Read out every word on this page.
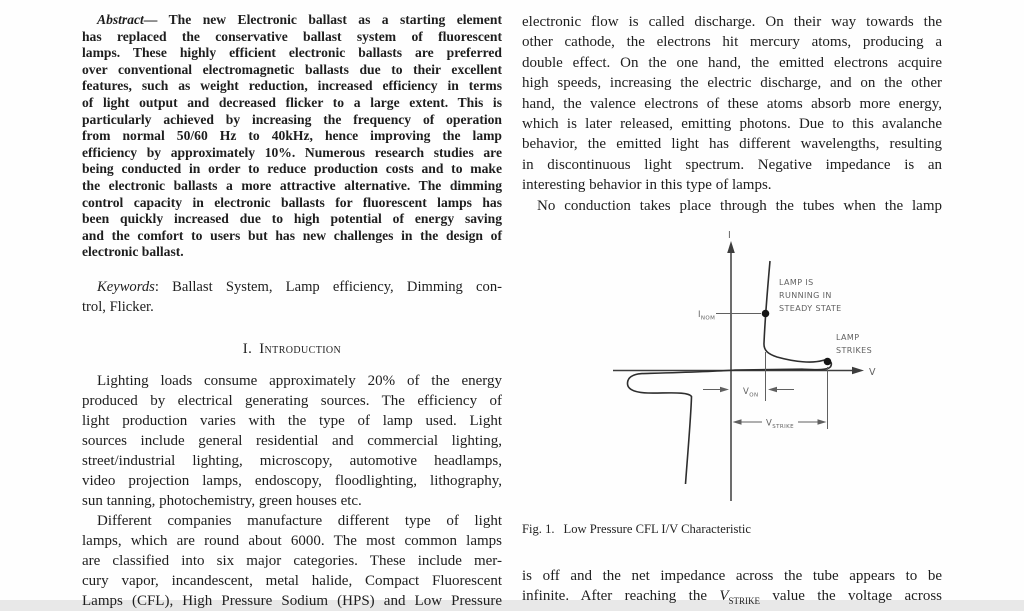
Abstract— The new Electronic ballast as a starting element
has replaced the conservative ballast system of fluorescent
lamps. These highly efficient electronic ballasts are preferred
over conventional electromagnetic ballasts due to their excellent
features, such as weight reduction, increased efficiency in terms
of light output and decreased flicker to a large extent. This is
particularly achieved by increasing the frequency of operation
from normal 50/60 Hz to 40kHz, hence improving the lamp
efficiency by approximately 10%. Numerous research studies are
being conducted in order to reduce production costs and to make
the electronic ballasts a more attractive alternative. The dimming
control capacity in electronic ballasts for fluorescent lamps has
been quickly increased due to high potential of energy saving
and the comfort to users but has new challenges in the design of
electronic ballast.
Keywords: Ballast System, Lamp efficiency, Dimming con-
trol, Flicker.
I. Introduction
Lighting loads consume approximately 20% of the energy
produced by electrical generating sources. The efficiency of
light production varies with the type of lamp used. Light
sources include general residential and commercial lighting,
street/industrial lighting, microscopy, automotive headlamps,
video projection lamps, endoscopy, floodlighting, lithography,
sun tanning, photochemistry, green houses etc.
Different companies manufacture different type of light
lamps, which are round about 6000. The most common lamps
are classified into six major categories. These include mer-
cury vapor, incandescent, metal halide, Compact Fluorescent
Lamps (CFL), High Pressure Sodium (HPS) and Low Pressure
electronic flow is called discharge. On their way towards the
other cathode, the electrons hit mercury atoms, producing a
double effect. On the one hand, the emitted electrons acquire
high speeds, increasing the electric discharge, and on the other
hand, the valence electrons of these atoms absorb more energy,
which is later released, emitting photons. Due to this avalanche
behavior, the emitted light has different wavelengths, resulting
in discontinuous light spectrum. Negative impedance is an
interesting behavior in this type of lamps.
No conduction takes place through the tubes when the lamp
I
V
$I_{NOM}$
LAMP IS RUNNING IN STEADY STATE
LAMP STRIKES
$V_{ON}$
$V_{STRIKE}$
Fig. 1. Low Pressure CFL I/V Characteristic
is off and the net impedance across the tube appears to be
infinite. After reaching the $V_{STRIKE}$ value the voltage across
